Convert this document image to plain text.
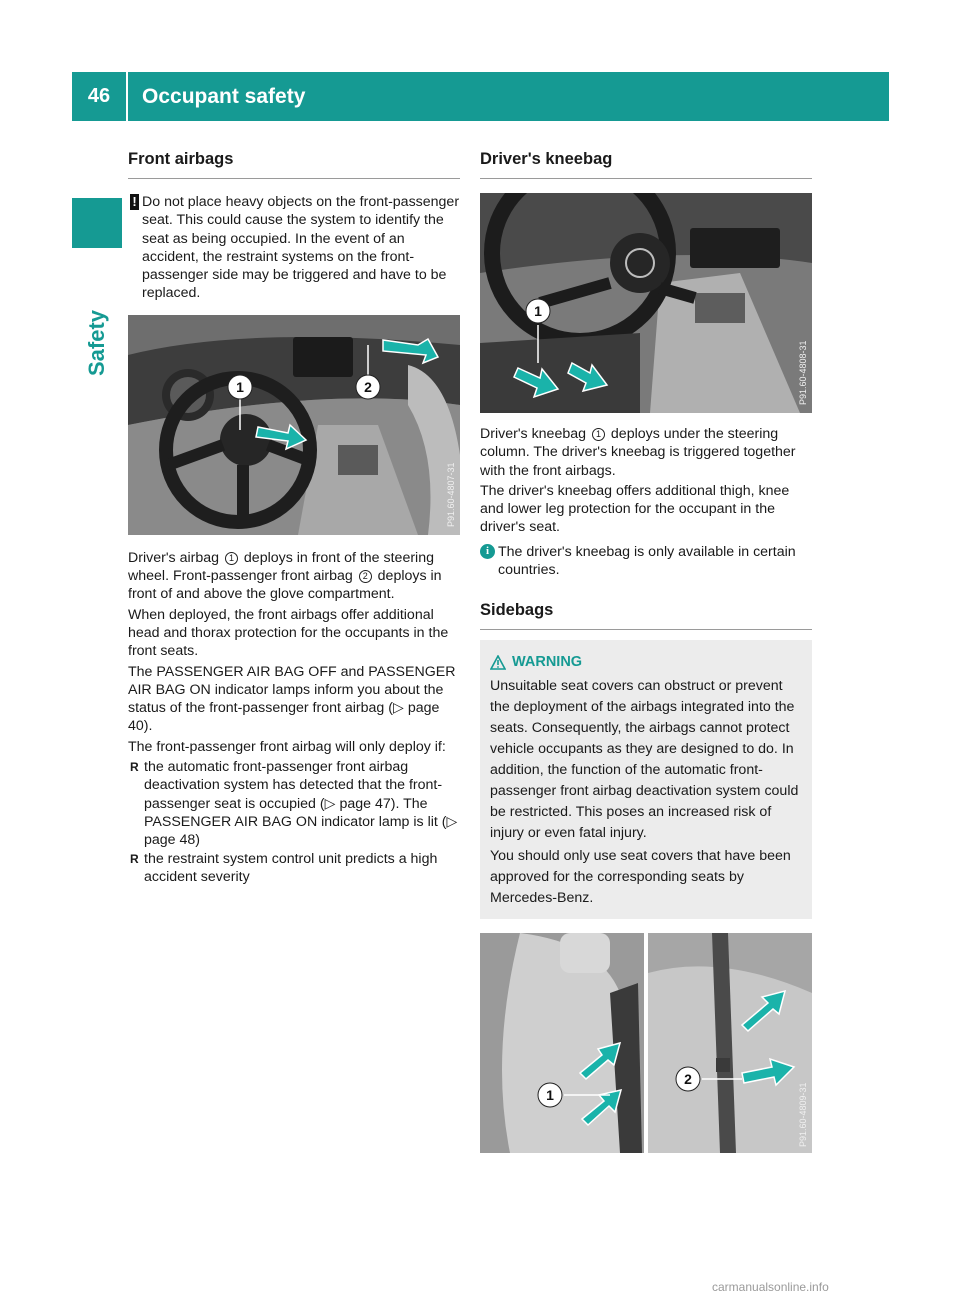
46	Occupant safety
Safety
Front airbags
! Do not place heavy objects on the front-passenger seat. This could cause the system to identify the seat as being occupied. In the event of an accident, the restraint systems on the front-passenger side may be triggered and have to be replaced.
1	2
P91.60-4807-31

Driver's airbag 1 deploys in front of the steering wheel. Front-passenger front airbag 2 deploys in front of and above the glove compartment.

When deployed, the front airbags offer additional head and thorax protection for the occupants in the front seats.

The PASSENGER AIR BAG OFF and PASSENGER AIR BAG ON indicator lamps inform you about the status of the front-passenger front airbag (▷ page 40).

The front-passenger front airbag will only deploy if:

R the automatic front-passenger front airbag deactivation system has detected that the front-passenger seat is occupied (▷ page 47). The PASSENGER AIR BAG ON indicator lamp is lit (▷ page 48)
R the restraint system control unit predicts a high accident severity
Driver's kneebag
1
P91.60-4808-31

Driver's kneebag 1 deploys under the steering column. The driver's kneebag is triggered together with the front airbags.

The driver's kneebag offers additional thigh, knee and lower leg protection for the occupant in the driver's seat.

i The driver's kneebag is only available in certain countries.
Sidebags
WARNING

Unsuitable seat covers can obstruct or prevent the deployment of the airbags integrated into the seats. Consequently, the airbags cannot protect vehicle occupants as they are designed to do. In addition, the function of the automatic front-passenger front airbag deactivation system could be restricted. This poses an increased risk of injury or even fatal injury.

You should only use seat covers that have been approved for the corresponding seats by Mercedes-Benz.

1
2
P91.60-4809-31
carmanualsonline.info
